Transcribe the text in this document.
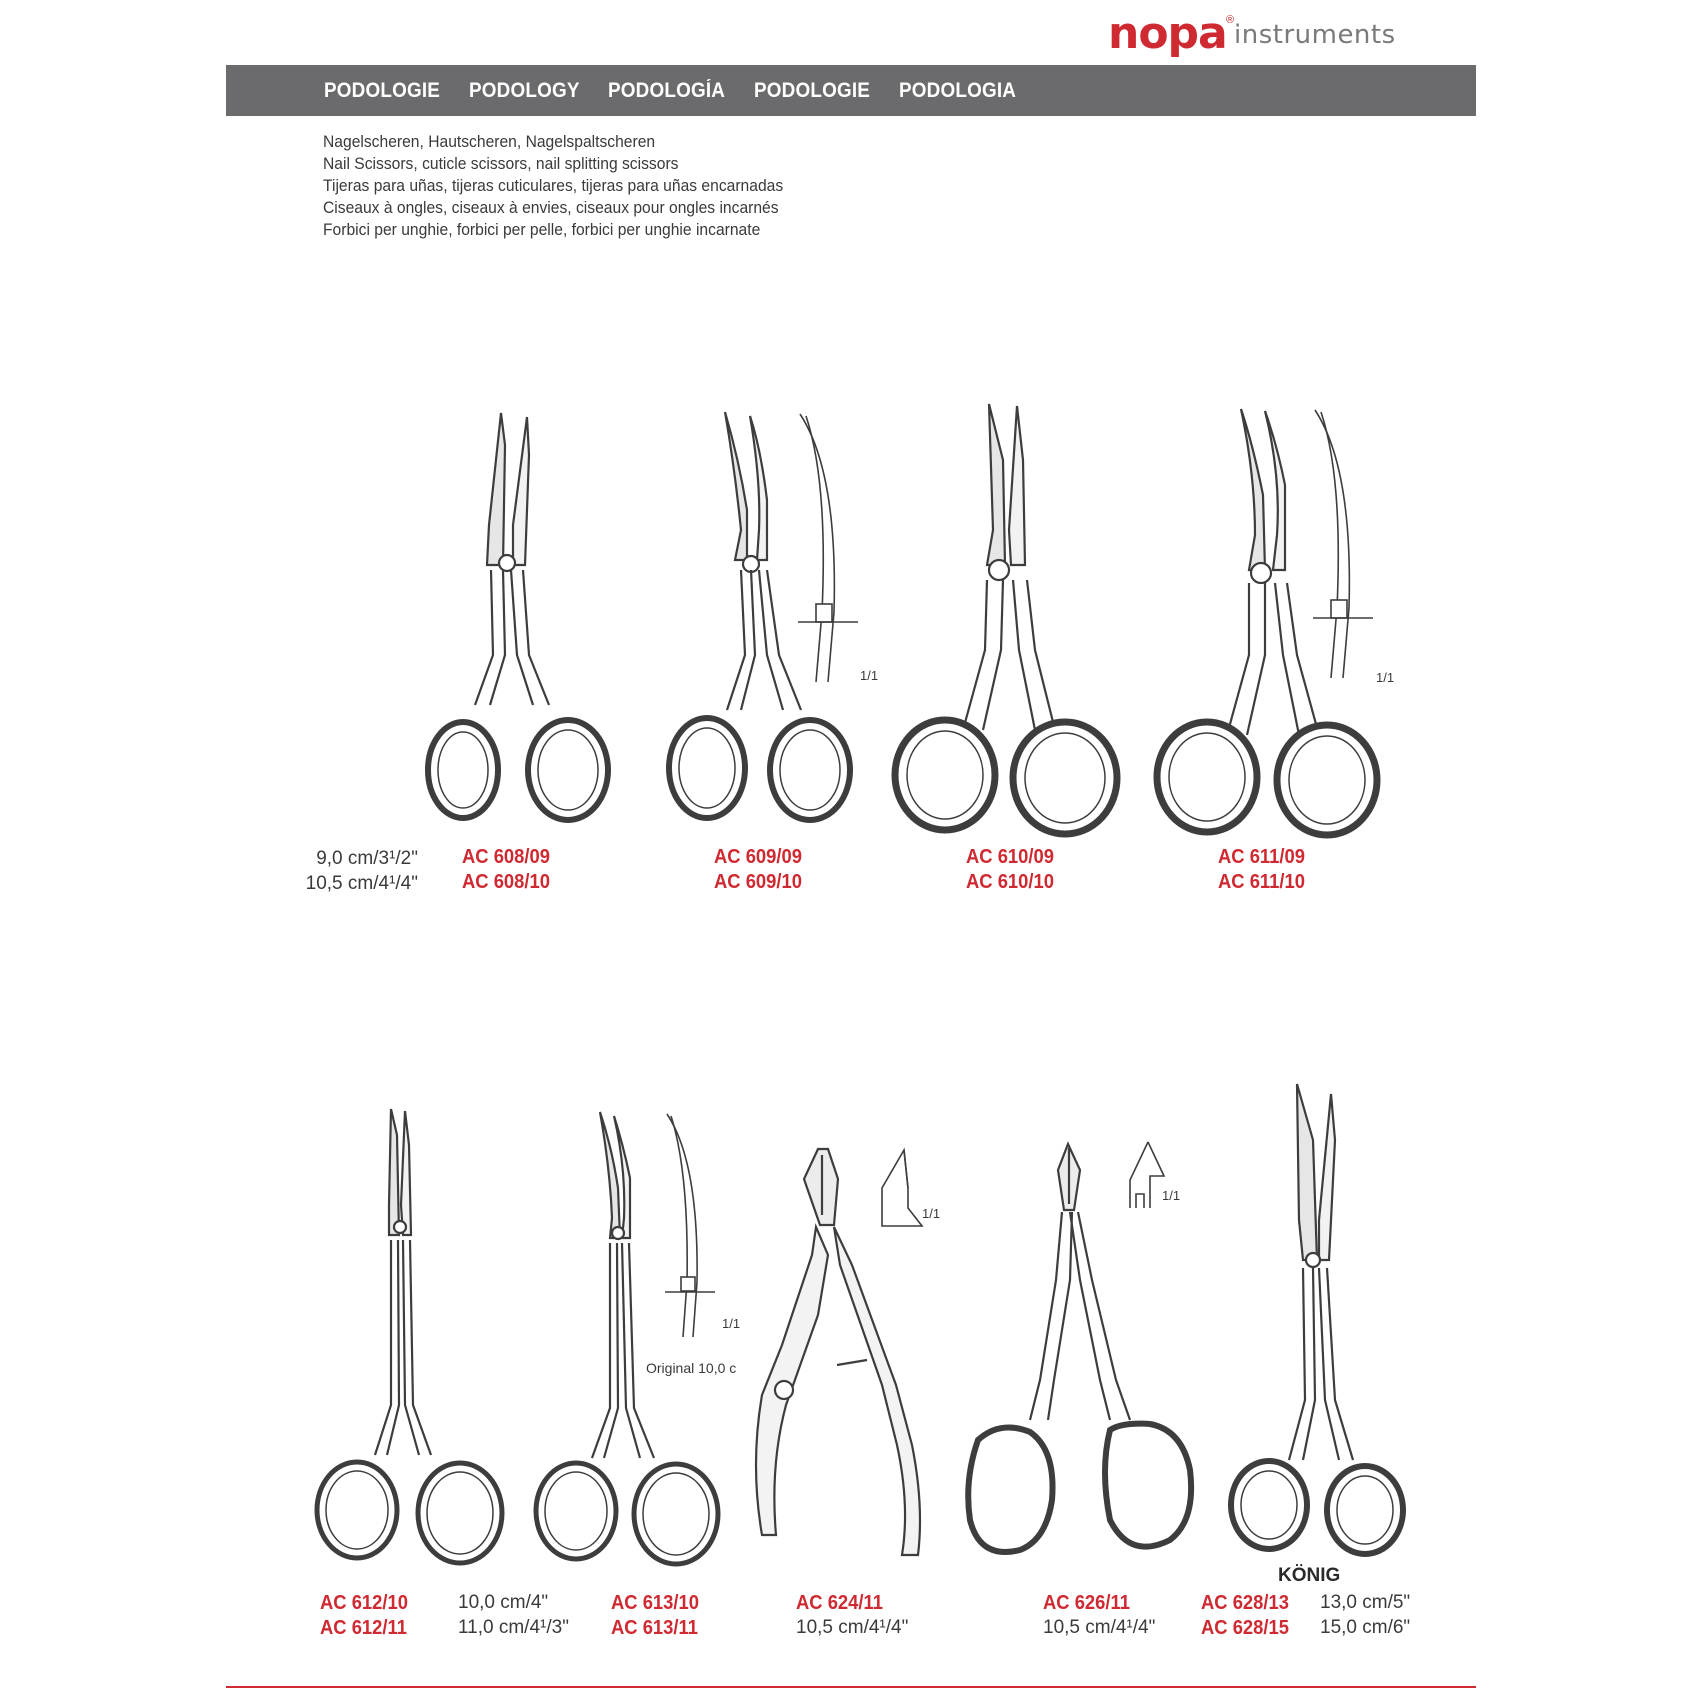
nopa ® instruments
PODOLOGIE PODOLOGY PODOLOGÍA PODOLOGIE PODOLOGIA
Nagelscheren, Hautscheren, Nagelspaltscheren
Nail Scissors, cuticle scissors, nail splitting scissors
Tijeras para uñas, tijeras cuticulares, tijeras para uñas encarnadas
Ciseaux à ongles, ciseaux à envies, ciseaux pour ongles incarnés
Forbici per unghie, forbici per pelle, forbici per unghie incarnate
1/1	1/1
9,0 cm/3¹/2"
10,5 cm/4¹/4"
AC 608/09
AC 608/10
AC 609/09
AC 609/10
AC 610/09
AC 610/10
AC 611/09
AC 611/10
1/1
Original 10,0 c
1/1
1/1
KÖNIG
AC 612/10
AC 612/11
10,0 cm/4"
11,0 cm/4¹/3"
AC 613/10
AC 613/11
AC 624/11
10,5 cm/4¹/4"
AC 626/11
10,5 cm/4¹/4"
AC 628/13
AC 628/15
13,0 cm/5"
15,0 cm/6"
